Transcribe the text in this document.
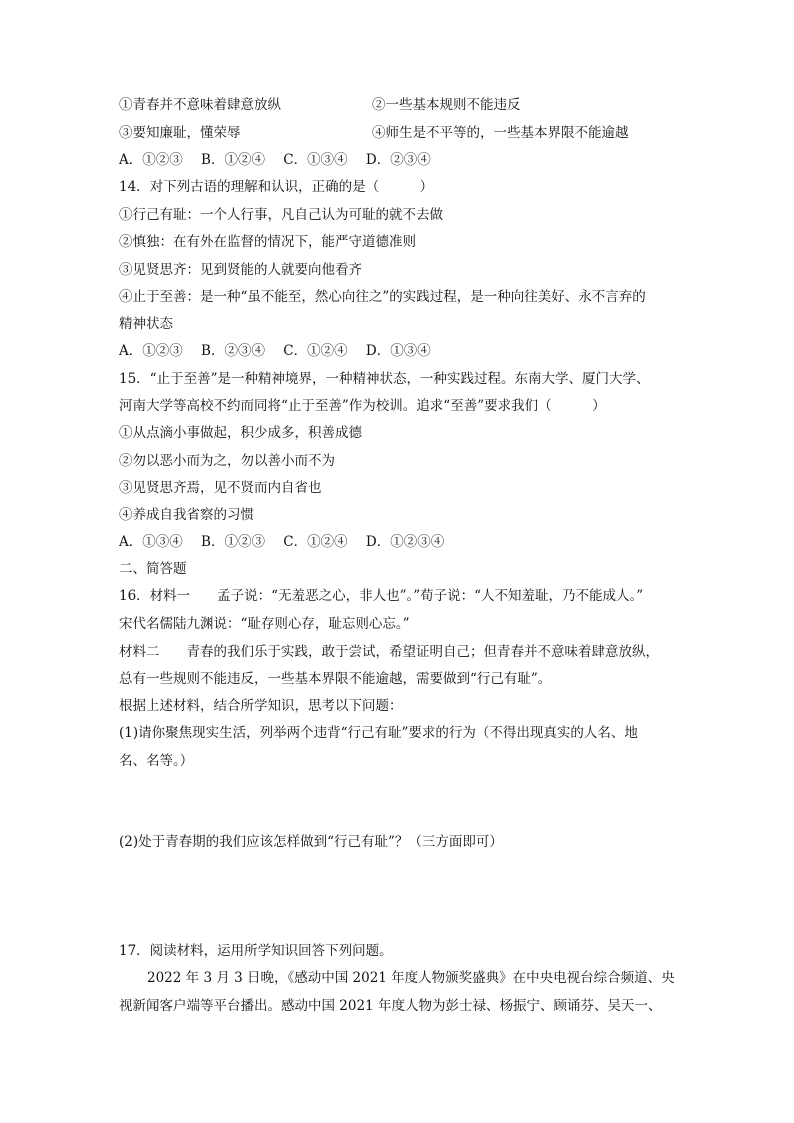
①青春并不意味着肆意放纵	②一些基本规则不能违反
③要知廉耻，懂荣辱	④师生是不平等的，一些基本界限不能逾越
A．①②③ B．①②④ C．①③④ D．②③④
14．对下列古语的理解和认识，正确的是（　　　）
①行己有耻：一个人行事，凡自己认为可耻的就不去做
②慎独：在有外在监督的情况下，能严守道德准则
③见贤思齐：见到贤能的人就要向他看齐
④止于至善：是一种“虽不能至，然心向往之”的实践过程，是一种向往美好、永不言弃的
精神状态
A．①②③ B．②③④ C．①②④ D．①③④
15．“止于至善”是一种精神境界，一种精神状态，一种实践过程。东南大学、厦门大学、
河南大学等高校不约而同将“止于至善”作为校训。追求“至善”要求我们（　　　）
①从点滴小事做起，积少成多，积善成德
②勿以恶小而为之，勿以善小而不为
③见贤思齐焉，见不贤而内自省也
④养成自我省察的习惯
A．①③④ B．①②③ C．①②④ D．①②③④
二、简答题
16．材料一　　孟子说：“无羞恶之心，非人也”。”荀子说：“人不知羞耻，乃不能成人。”
宋代名儒陆九渊说：“耻存则心存，耻忘则心忘。”
材料二　　青春的我们乐于实践，敢于尝试，希望证明自己；但青春并不意味着肆意放纵，
总有一些规则不能违反，一些基本界限不能逾越，需要做到“行己有耻”。
根据上述材料，结合所学知识，思考以下问题：
(1)请你聚焦现实生活，列举两个违背“行己有耻”要求的行为（不得出现真实的人名、地
名、名等。）
(2)处于青春期的我们应该怎样做到“行己有耻”？（三方面即可）
17．阅读材料，运用所学知识回答下列问题。
2022 年 3 月 3 日晚，《感动中国 2021 年度人物颁奖盛典》在中央电视台综合频道、央
视新闻客户端等平台播出。感动中国 2021 年度人物为彭士禄、杨振宁、顾诵芬、吴天一、
